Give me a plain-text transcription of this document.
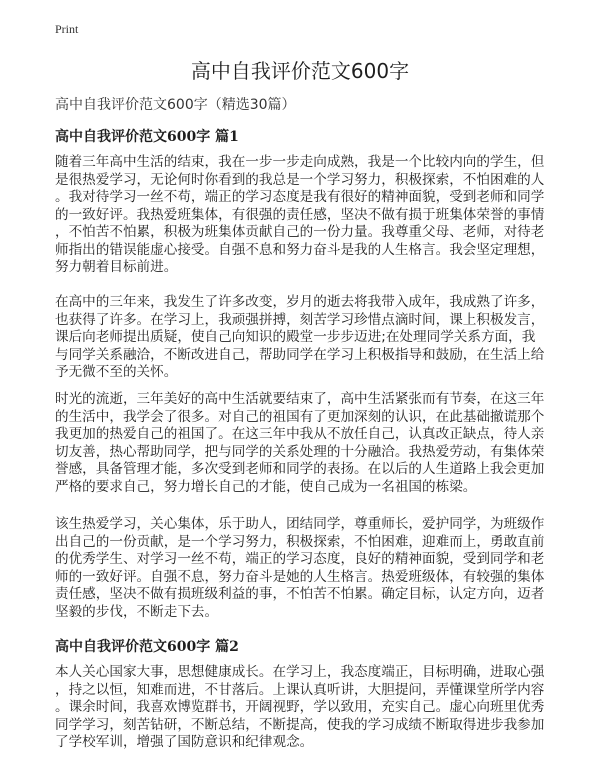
Print
高中自我评价范文600字
高中自我评价范文600字（精选30篇）
高中自我评价范文600字 篇1
随着三年高中生活的结束，我在一步一步走向成熟，我是一个比较内向的学生，但
是很热爱学习，无论何时你看到的我总是一个学习努力，积极探索，不怕困难的人
。我对待学习一丝不苟，端正的学习态度是我有很好的精神面貌，受到老师和同学
的一致好评。我热爱班集体，有很强的责任感，坚决不做有损于班集体荣誉的事情
，不怕苦不怕累，积极为班集体贡献自己的一份力量。我尊重父母、老师，对待老
师指出的错误能虚心接受。自强不息和努力奋斗是我的人生格言。我会坚定理想，
努力朝着目标前进。
在高中的三年来，我发生了许多改变，岁月的逝去将我带入成年，我成熟了许多，
也获得了许多。在学习上，我顽强拼搏，刻苦学习珍惜点滴时间，课上积极发言，
课后向老师提出质疑，使自己向知识的殿堂一步步迈进;在处理同学关系方面，我
与同学关系融洽，不断改进自己，帮助同学在学习上积极指导和鼓励，在生活上给
予无微不至的关怀。
时光的流逝，三年美好的高中生活就要结束了，高中生活紧张而有节奏，在这三年
的生活中，我学会了很多。对自己的祖国有了更加深刻的认识，在此基础撤谎那个
我更加的热爱自己的祖国了。在这三年中我从不放任自己，认真改正缺点，待人亲
切友善，热心帮助同学，把与同学的关系处理的十分融洽。我热爱劳动，有集体荣
誉感，具备管理才能，多次受到老师和同学的表扬。在以后的人生道路上我会更加
严格的要求自己，努力增长自己的才能，使自己成为一名祖国的栋梁。
该生热爱学习，关心集体，乐于助人，团结同学，尊重师长，爱护同学，为班级作
出自己的一份贡献，是一个学习努力，积极探索，不怕困难，迎难而上，勇敢直前
的优秀学生、对学习一丝不苟，端正的学习态度，良好的精神面貌，受到同学和老
师的一致好评。自强不息，努力奋斗是她的人生格言。热爱班级体，有较强的集体
责任感，坚决不做有损班级利益的事，不怕苦不怕累。确定目标，认定方向，迈者
坚毅的步伐，不断走下去。
高中自我评价范文600字 篇2
本人关心国家大事，思想健康成长。在学习上，我态度端正，目标明确，进取心强
，持之以恒，知难而进，不甘落后。上课认真听讲，大胆提问，弄懂课堂所学内容
。课余时间，我喜欢博览群书，开阔视野，学以致用，充实自己。虚心向班里优秀
同学学习，刻苦钻研，不断总结，不断提高，使我的学习成绩不断取得进步我参加
了学校军训，增强了国防意识和纪律观念。
